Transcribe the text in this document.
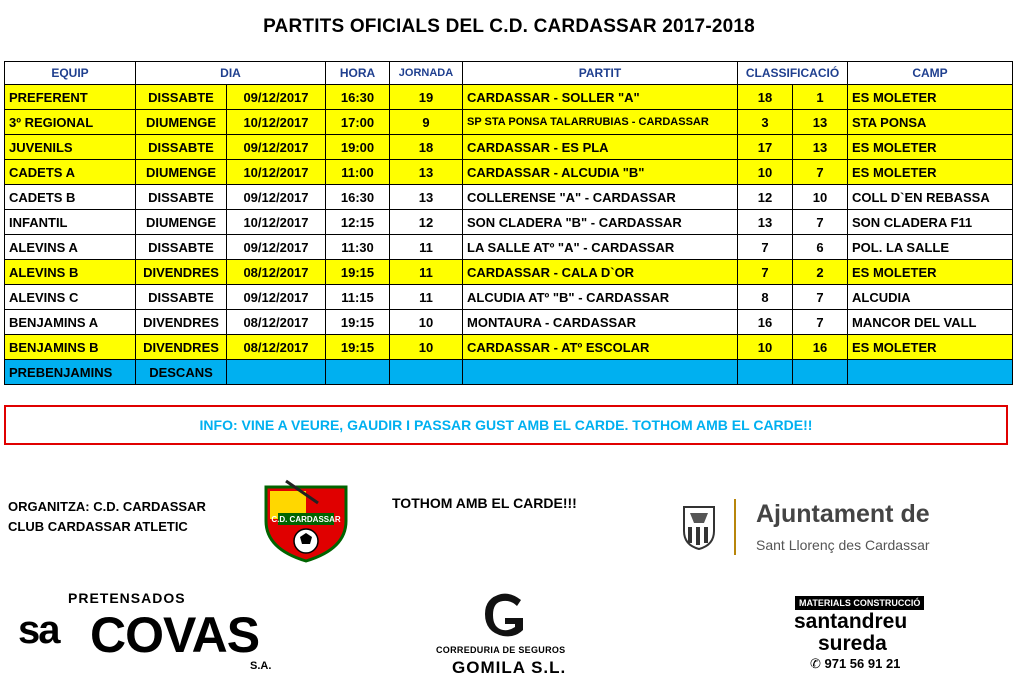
PARTITS OFICIALS DEL C.D. CARDASSAR 2017-2018
EQUIP	DIA		HORA	JORNADA	PARTIT	CLASSIFICACIÓ		CAMP
PREFERENT	DISSABTE	09/12/2017	16:30	19	CARDASSAR - SOLLER "A"	18	1	ES MOLETER
3º REGIONAL	DIUMENGE	10/12/2017	17:00	9	SP STA PONSA TALARRUBIAS - CARDASSAR	3	13	STA PONSA
JUVENILS	DISSABTE	09/12/2017	19:00	18	CARDASSAR - ES PLA	17	13	ES MOLETER
CADETS A	DIUMENGE	10/12/2017	11:00	13	CARDASSAR - ALCUDIA "B"	10	7	ES MOLETER
CADETS B	DISSABTE	09/12/2017	16:30	13	COLLERENSE "A" - CARDASSAR	12	10	COLL D`EN REBASSA
INFANTIL	DIUMENGE	10/12/2017	12:15	12	SON CLADERA "B" - CARDASSAR	13	7	SON CLADERA F11
ALEVINS A	DISSABTE	09/12/2017	11:30	11	LA SALLE ATº "A" - CARDASSAR	7	6	POL. LA SALLE
ALEVINS B	DIVENDRES	08/12/2017	19:15	11	CARDASSAR - CALA D`OR	7	2	ES MOLETER
ALEVINS C	DISSABTE	09/12/2017	11:15	11	ALCUDIA ATº "B" - CARDASSAR	8	7	ALCUDIA
BENJAMINS A	DIVENDRES	08/12/2017	19:15	10	MONTAURA - CARDASSAR	16	7	MANCOR DEL VALL
BENJAMINS B	DIVENDRES	08/12/2017	19:15	10	CARDASSAR - ATº ESCOLAR	10	16	ES MOLETER
PREBENJAMINS	DESCANS							
INFO: VINE A VEURE, GAUDIR I PASSAR GUST AMB EL CARDE. TOTHOM AMB EL CARDE!!
ORGANITZA: C.D. CARDASSAR
CLUB CARDASSAR ATLETIC	C.D. CARDASSAR
TOTHOM AMB EL CARDE!!!	Ajuntament de
Sant Llorenç des Cardassar
PRETENSADOS
sa COVAS
S.A.
CORREDURIA DE SEGUROS
GOMILA S.L.
MATERIALS CONSTRUCCIÓ
santandreu
sureda
✆ 971 56 91 21
